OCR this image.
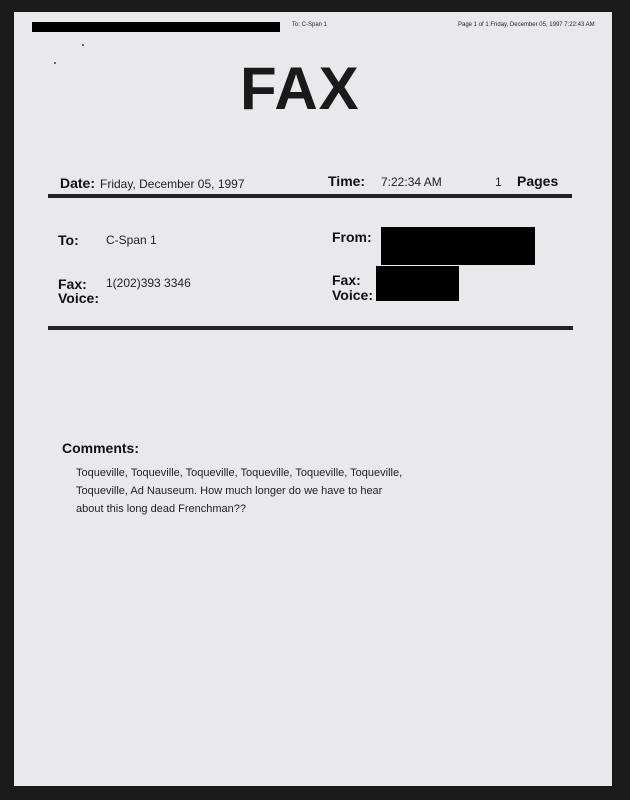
To: C-Span 1	Page 1 of 1 Friday, December 05, 1997 7:22:43 AM
FAX
Date: Friday, December 05, 1997	Time: 7:22:34 AM	1 Pages
To: C-Span 1
Fax: 1(202)393 3346
Voice:
From:
Fax:
Voice:
Comments:
Toqueville, Toqueville, Toqueville, Toqueville, Toqueville, Toqueville, Toqueville, Ad Nauseum. How much longer do we have to hear about this long dead Frenchman??
